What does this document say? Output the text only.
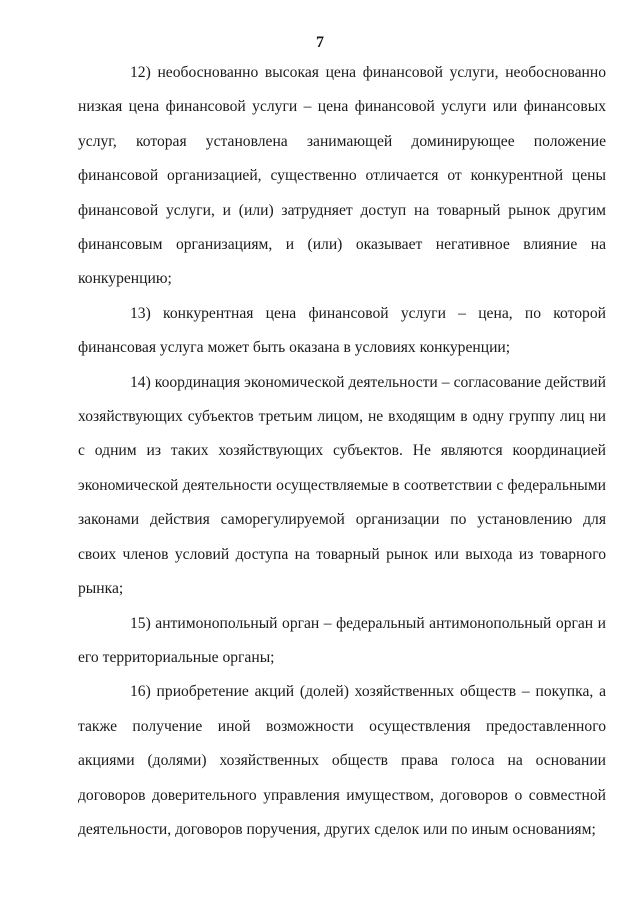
7

12) необоснованно высокая цена финансовой услуги, необоснованно низкая цена финансовой услуги – цена финансовой услуги или финансовых услуг, которая установлена занимающей доминирующее положение финансовой организацией, существенно отличается от конкурентной цены финансовой услуги, и (или) затрудняет доступ на товарный рынок другим финансовым организациям, и (или) оказывает негативное влияние на конкуренцию;

13) конкурентная цена финансовой услуги – цена, по которой финансовая услуга может быть оказана в условиях конкуренции;

14) координация экономической деятельности – согласование действий хозяйствующих субъектов третьим лицом, не входящим в одну группу лиц ни с одним из таких хозяйствующих субъектов. Не являются координацией экономической деятельности осуществляемые в соответствии с федеральными законами действия саморегулируемой организации по установлению для своих членов условий доступа на товарный рынок или выхода из товарного рынка;

15) антимонопольный орган – федеральный антимонопольный орган и его территориальные органы;

16) приобретение акций (долей) хозяйственных обществ – покупка, а также получение иной возможности осуществления предоставленного акциями (долями) хозяйственных обществ права голоса на основании договоров доверительного управления имуществом, договоров о совместной деятельности, договоров поручения, других сделок или по иным основаниям;
